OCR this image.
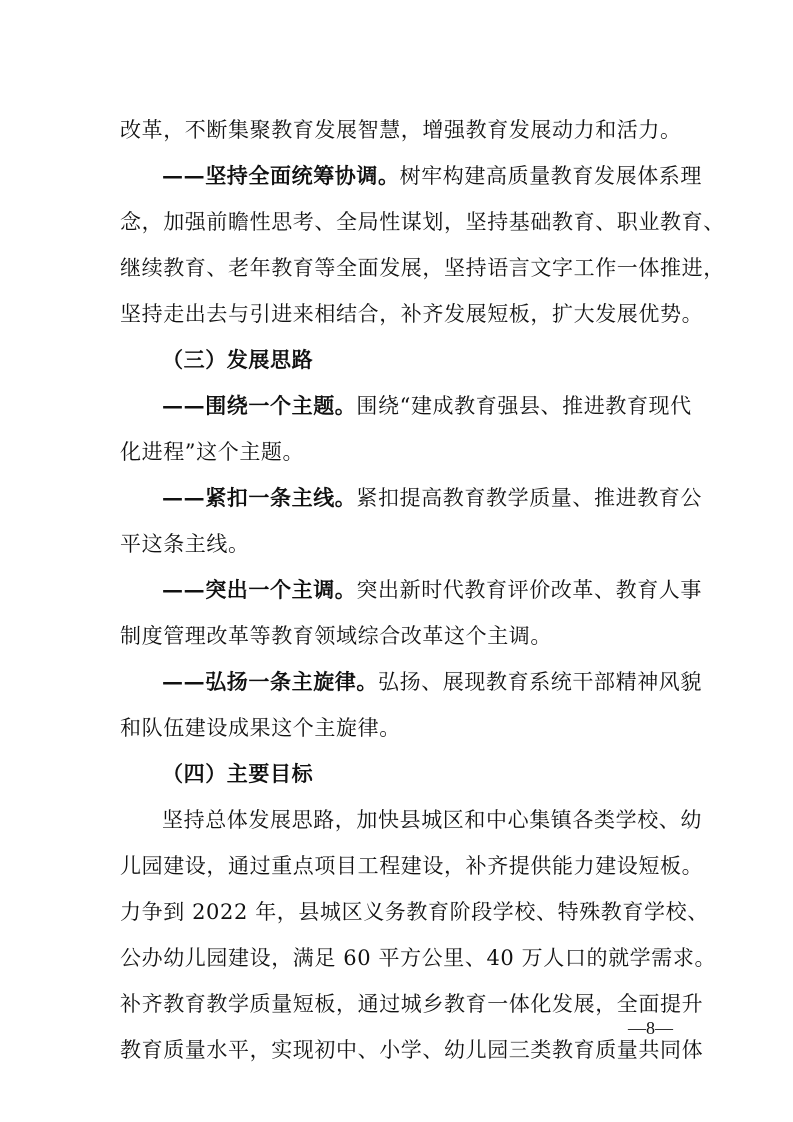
改革，不断集聚教育发展智慧，增强教育发展动力和活力。
——坚持全面统筹协调。树牢构建高质量教育发展体系理
念，加强前瞻性思考、全局性谋划，坚持基础教育、职业教育、
继续教育、老年教育等全面发展，坚持语言文字工作一体推进，
坚持走出去与引进来相结合，补齐发展短板，扩大发展优势。
（三）发展思路
——围绕一个主题。围绕“建成教育强县、推进教育现代
化进程”这个主题。
——紧扣一条主线。紧扣提高教育教学质量、推进教育公
平这条主线。
——突出一个主调。突出新时代教育评价改革、教育人事
制度管理改革等教育领域综合改革这个主调。
——弘扬一条主旋律。弘扬、展现教育系统干部精神风貌
和队伍建设成果这个主旋律。
（四）主要目标
坚持总体发展思路，加快县城区和中心集镇各类学校、幼
儿园建设，通过重点项目工程建设，补齐提供能力建设短板。
力争到 2022 年，县城区义务教育阶段学校、特殊教育学校、
公办幼儿园建设，满足 60 平方公里、40 万人口的就学需求。
补齐教育教学质量短板，通过城乡教育一体化发展，全面提升
教育质量水平，实现初中、小学、幼儿园三类教育质量共同体
—8—
